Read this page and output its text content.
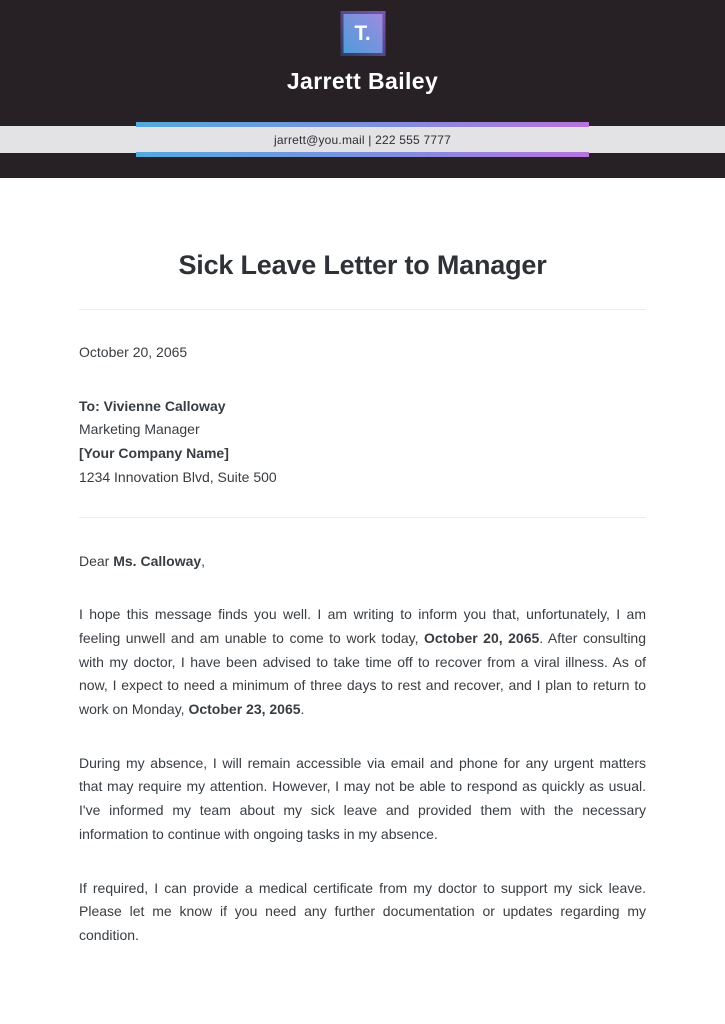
T.
Jarrett Bailey
jarrett@you.mail | 222 555 7777
Sick Leave Letter to Manager

October 20, 2065

To: Vivienne Calloway

Marketing Manager

[Your Company Name]

1234 Innovation Blvd, Suite 500

Dear Ms. Calloway,

I hope this message finds you well. I am writing to inform you that, unfortunately, I am feeling unwell and am unable to come to work today, October 20, 2065. After consulting with my doctor, I have been advised to take time off to recover from a viral illness. As of now, I expect to need a minimum of three days to rest and recover, and I plan to return to work on Monday, October 23, 2065.

During my absence, I will remain accessible via email and phone for any urgent matters that may require my attention. However, I may not be able to respond as quickly as usual. I've informed my team about my sick leave and provided them with the necessary information to continue with ongoing tasks in my absence.

If required, I can provide a medical certificate from my doctor to support my sick leave. Please let me know if you need any further documentation or updates regarding my condition.
